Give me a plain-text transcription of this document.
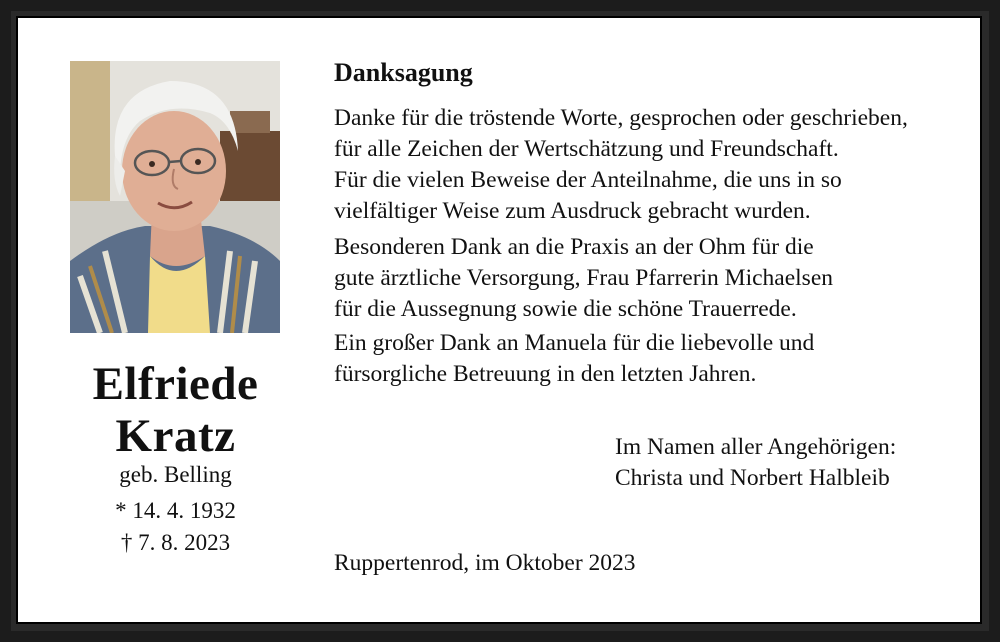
Elfriede
Kratz
geb. Belling
* 14. 4. 1932
† 7. 8. 2023
Danksagung
Danke für die tröstende Worte, gesprochen oder geschrieben,
für alle Zeichen der Wertschätzung und Freundschaft.
Für die vielen Beweise der Anteilnahme, die uns in so
vielfältiger Weise zum Ausdruck gebracht wurden.
Besonderen Dank an die Praxis an der Ohm für die
gute ärztliche Versorgung, Frau Pfarrerin Michaelsen
für die Aussegnung sowie die schöne Trauerrede.
Ein großer Dank an Manuela für die liebevolle und
fürsorgliche Betreuung in den letzten Jahren.
Im Namen aller Angehörigen:
Christa und Norbert Halbleib
Ruppertenrod, im Oktober 2023
